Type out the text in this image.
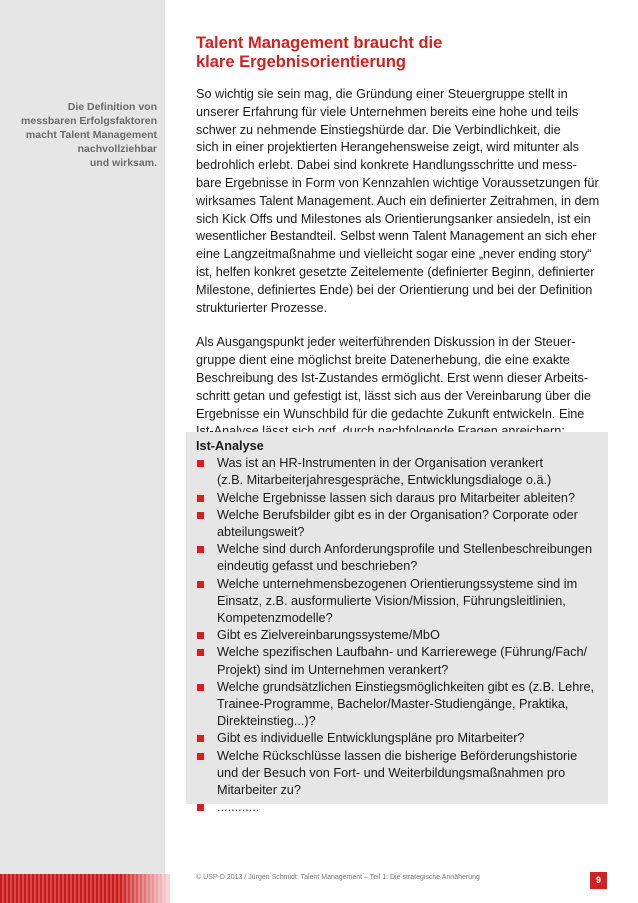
Die Definition von
messbaren Erfolgsfaktoren
macht Talent Management
nachvollziehbar
und wirksam.
Talent Management braucht die
klare Ergebnisorientierung

So wichtig sie sein mag, die Gründung einer Steuergruppe stellt in
unserer Erfahrung für viele Unternehmen bereits eine hohe und teils
schwer zu nehmende Einstiegshürde dar. Die Verbindlichkeit, die
sich in einer projektierten Herangehensweise zeigt, wird mitunter als
bedrohlich erlebt. Dabei sind konkrete Handlungsschritte und mess-
bare Ergebnisse in Form von Kennzahlen wichtige Voraussetzungen für
wirksames Talent Management. Auch ein definierter Zeitrahmen, in dem
sich Kick Offs und Milestones als Orientierungsanker ansiedeln, ist ein
wesentlicher Bestandteil. Selbst wenn Talent Management an sich eher
eine Langzeitmaßnahme und vielleicht sogar eine „never ending story“
ist, helfen konkret gesetzte Zeitelemente (definierter Beginn, definierter
Milestone, definiertes Ende) bei der Orientierung und bei der Definition
strukturierter Prozesse.

Als Ausgangspunkt jeder weiterführenden Diskussion in der Steuer-
gruppe dient eine möglichst breite Datenerhebung, die eine exakte
Beschreibung des Ist-Zustandes ermöglicht. Erst wenn dieser Arbeits-
schritt getan und gefestigt ist, lässt sich aus der Vereinbarung über die
Ergebnisse ein Wunschbild für die gedachte Zukunft entwickeln. Eine

Ist-Analyse
Was ist an HR-Instrumenten in der Organisation verankert
(z.B. Mitarbeiterjahresgespräche, Entwicklungsdialoge o.ä.)
Welche Ergebnisse lassen sich daraus pro Mitarbeiter ableiten?
Welche Berufsbilder gibt es in der Organisation? Corporate oder
abteilungsweit?
Welche sind durch Anforderungsprofile und Stellenbeschreibungen
eindeutig gefasst und beschrieben?
Welche unternehmensbezogenen Orientierungssysteme sind im
Einsatz, z.B. ausformulierte Vision/Mission, Führungsleitlinien,
Kompetenzmodelle?
Gibt es Zielvereinbarungssysteme/MbO
Welche spezifischen Laufbahn- und Karrierewege (Führung/Fach/
Projekt) sind im Unternehmen verankert?
Welche grundsätzlichen Einstiegsmöglichkeiten gibt es (z.B. Lehre,
Trainee-Programme, Bachelor/Master-Studiengänge, Praktika,
Direkteinstieg...)?
Gibt es individuelle Entwicklungspläne pro Mitarbeiter?
Welche Rückschlüsse lassen die bisherige Beförderungshistorie
und der Besuch von Fort- und Weiterbildungsmaßnahmen pro
Mitarbeiter zu?
............
© USP-D 2013 / Jürgen Schmidt: Talent Management – Teil 1: Die strategische Annäherung	9
